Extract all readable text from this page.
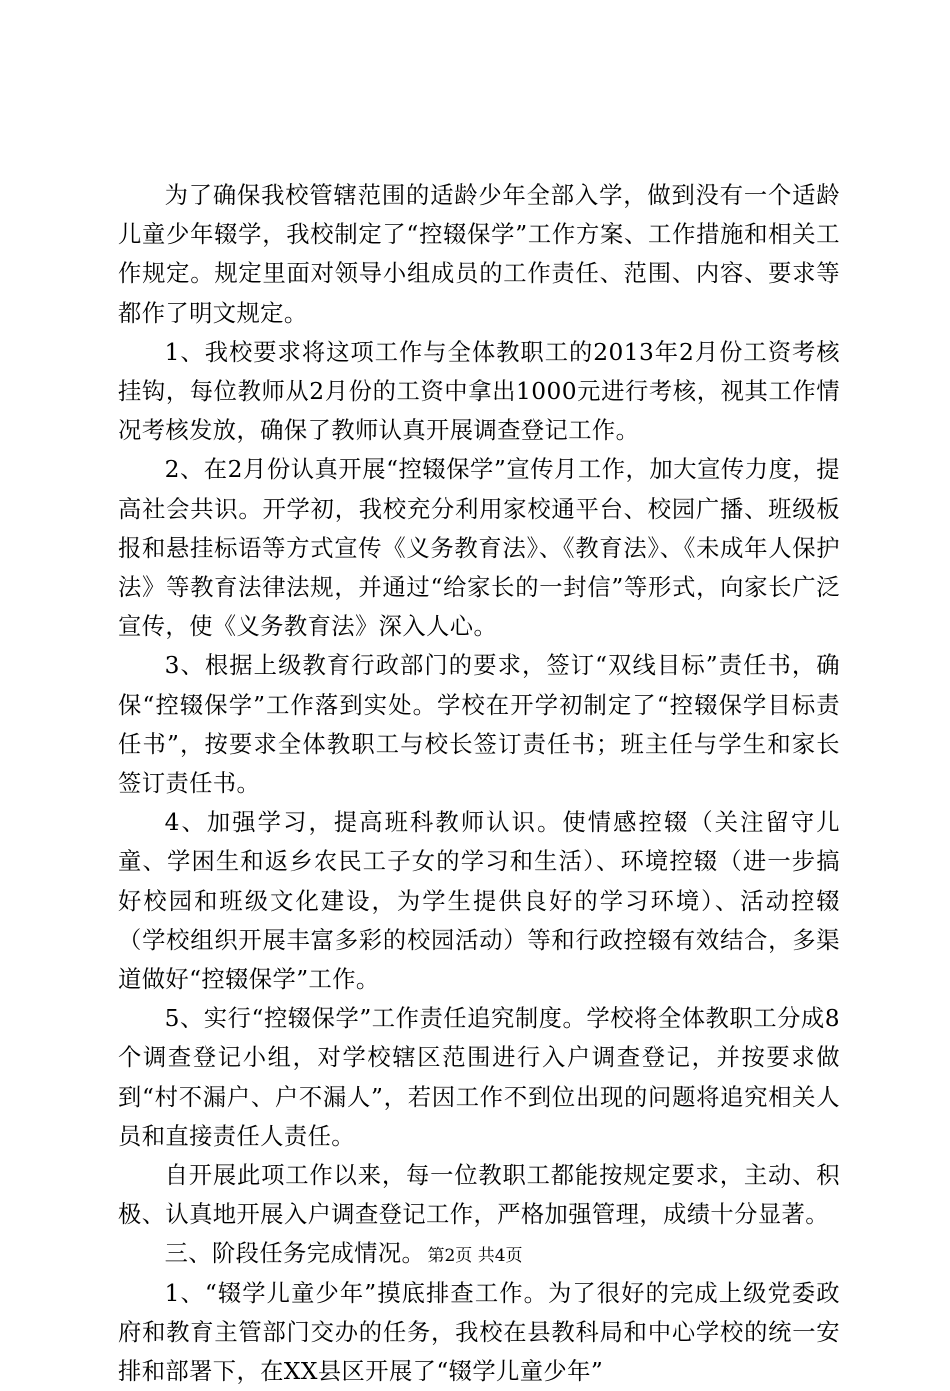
为了确保我校管辖范围的适龄少年全部入学，做到没有一个适龄儿童少年辍学，我校制定了“控辍保学”工作方案、工作措施和相关工作规定。规定里面对领导小组成员的工作责任、范围、内容、要求等都作了明文规定。

1、我校要求将这项工作与全体教职工的2013年2月份工资考核挂钩，每位教师从2月份的工资中拿出1000元进行考核，视其工作情况考核发放，确保了教师认真开展调查登记工作。

2、在2月份认真开展“控辍保学”宣传月工作，加大宣传力度，提高社会共识。开学初，我校充分利用家校通平台、校园广播、班级板报和悬挂标语等方式宣传《义务教育法》、《教育法》、《未成年人保护法》等教育法律法规，并通过“给家长的一封信”等形式，向家长广泛宣传，使《义务教育法》深入人心。

3、根据上级教育行政部门的要求，签订“双线目标”责任书，确保“控辍保学”工作落到实处。学校在开学初制定了“控辍保学目标责任书”，按要求全体教职工与校长签订责任书；班主任与学生和家长签订责任书。

4、加强学习，提高班科教师认识。使情感控辍（关注留守儿童、学困生和返乡农民工子女的学习和生活）、环境控辍（进一步搞好校园和班级文化建设，为学生提供良好的学习环境）、活动控辍（学校组织开展丰富多彩的校园活动）等和行政控辍有效结合，多渠道做好“控辍保学”工作。

5、实行“控辍保学”工作责任追究制度。学校将全体教职工分成8个调查登记小组，对学校辖区范围进行入户调查登记，并按要求做到“村不漏户、户不漏人”，若因工作不到位出现的问题将追究相关人员和直接责任人责任。

自开展此项工作以来，每一位教职工都能按规定要求，主动、积极、认真地开展入户调查登记工作，严格加强管理，成绩十分显著。

三、阶段任务完成情况。

1、“辍学儿童少年”摸底排查工作。为了很好的完成上级党委政府和教育主管部门交办的任务，我校在县教科局和中心学校的统一安排和部署下，在XX县区开展了“辍学儿童少年”

第2页 共4页
